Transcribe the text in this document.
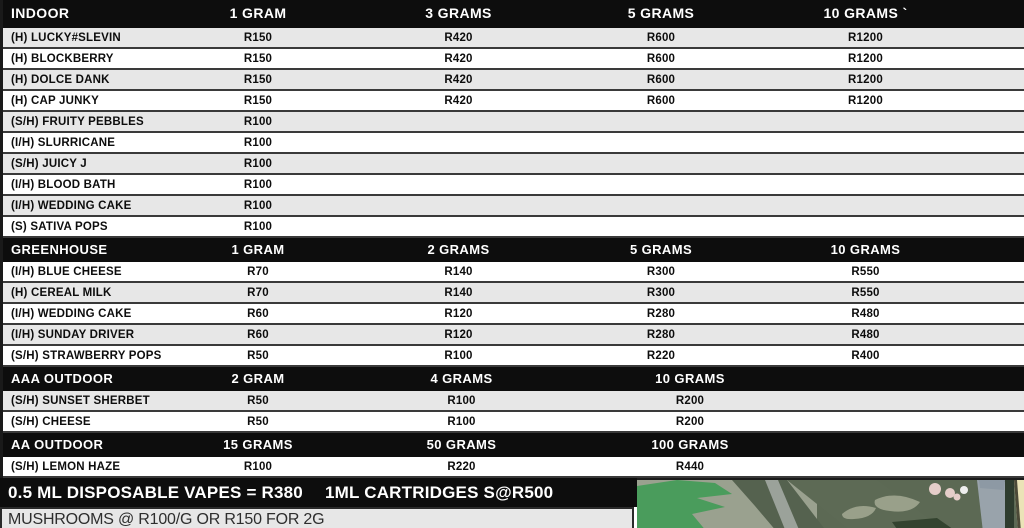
INDOOR	1 GRAM	3 GRAMS	5 GRAMS	10 GRAMS `
(H) LUCKY#SLEVIN	R150	R420	R600	R1200
(H) BLOCKBERRY	R150	R420	R600	R1200
(H) DOLCE DANK	R150	R420	R600	R1200
(H) CAP JUNKY	R150	R420	R600	R1200
(S/H) FRUITY PEBBLES	R100
(I/H) SLURRICANE	R100
(S/H) JUICY J	R100
(I/H) BLOOD BATH	R100
(I/H) WEDDING CAKE	R100
(S) SATIVA POPS	R100
GREENHOUSE	1 GRAM	2 GRAMS	5 GRAMS	10 GRAMS
(I/H) BLUE CHEESE	R70	R140	R300	R550
(H) CEREAL MILK	R70	R140	R300	R550
(I/H) WEDDING CAKE	R60	R120	R280	R480
(I/H) SUNDAY DRIVER	R60	R120	R280	R480
(S/H) STRAWBERRY POPS	R50	R100	R220	R400
AAA OUTDOOR	2 GRAM	4 GRAMS	10 GRAMS
(S/H) SUNSET SHERBET	R50	R100	R200
(S/H) CHEESE	R50	R100	R200
AA OUTDOOR	15 GRAMS	50 GRAMS	100 GRAMS
(S/H) LEMON HAZE	R100	R220	R440
0.5 ML DISPOSABLE VAPES = R380 1ML CARTRIDGES S@R500
MUSHROOMS @ R100/G OR R150 FOR 2G
